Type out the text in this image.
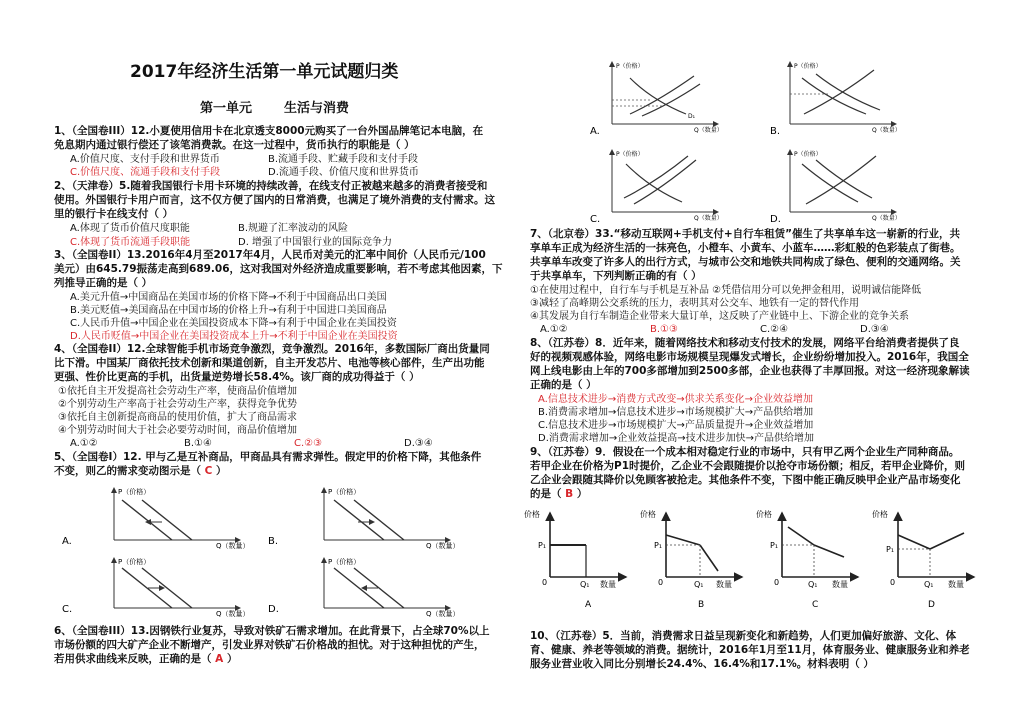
2017年经济生活第一单元试题归类
第一单元 生活与消费
1、（全国卷III）12.小夏使用信用卡在北京透支8000元购买了一台外国品牌笔记本电脑，在
免息期内通过银行偿还了该笔消费款。在这一过程中，货币执行的职能是（ ）
A.价值尺度、支付手段和世界货币	B.流通手段、贮藏手段和支付手段
C.价值尺度、流通手段和支付手段	D.流通手段、价值尺度和世界货币
2、（天津卷）5.随着我国银行卡用卡环境的持续改善，在线支付正被越来越多的消费者接受和
使用。外国银行卡用户而言，这不仅方便了国内的日常消费，也满足了境外消费的支付需求。这
里的银行卡在线支付（ ）
A.体现了货币价值尺度职能	B.规避了汇率波动的风险
C.体现了货币流通手段职能	D. 增强了中国银行业的国际竞争力
3、（全国卷II）13.2016年4月至2017年4月，人民币对美元的汇率中间价（人民币元/100
美元）由645.79振荡走高到689.06，这对我国对外经济造成重要影响，若不考虑其他因素，下
列推导正确的是（ ）
A.美元升值→中国商品在美国市场的价格下降→不利于中国商品出口美国
B.美元贬值→美国商品在中国市场的价格上升→有利于中国进口美国商品
C.人民币升值→中国企业在美国投资成本下降→有利于中国企业在美国投资
D.人民币贬值→中国企业在美国投资成本上升→不利于中国企业在美国投资
4、（全国卷II）12.全球智能手机市场竞争激烈，竞争激烈。2016年，多数国际厂商出货量同
比下滑。中国某厂商依托技术创新和渠道创新，自主开发芯片、电池等核心部件，生产出功能
更强、性价比更高的手机，出货量逆势增长58.4%。该厂商的成功得益于（ ）
①依托自主开发提高社会劳动生产率，使商品价值增加
②个别劳动生产率高于社会劳动生产率，获得竞争优势
③依托自主创新提高商品的使用价值，扩大了商品需求
④个别劳动时间大于社会必要劳动时间，商品价值增加
A.①②	B.①④	C.②③	D.③④
5、（全国卷I）12. 甲与乙是互补商品，甲商品具有需求弹性。假定甲的价格下降，其他条件
不变，则乙的需求变动图示是（ C ）
P（价格）
Q（数量）
A.
P（价格）
Q（数量）
B.
P（价格）
Q（数量）
C.
P（价格）
Q（数量）
D.
6、（全国卷III）13.因钢铁行业复苏，导致对铁矿石需求增加。在此背景下，占全球70%以上
市场份额的四大矿产企业不断增产，引发业界对铁矿石价格战的担忧。对于这种担忧的产生，
若用供求曲线来反映，正确的是（ A ）
P（价格）
Q（数量）
D₁
A.
P（价格）
Q（数量）
B.
P（价格）
Q（数量）
C.
P（价格）
Q（数量）
D.
7、（北京卷）33.“移动互联网+手机支付+自行车租赁”催生了共享单车这一崭新的行业，共
享单车正成为经济生活的一抹亮色，小橙车、小黄车、小蓝车……彩虹般的色彩装点了街巷。
共享单车改变了许多人的出行方式，与城市公交和地铁共同构成了绿色、便利的交通网络。关
于共享单车，下列判断正确的有（ ）
①在使用过程中，自行车与手机是互补品 ②凭借信用分可以免押金租用，说明诚信能降低
③减轻了高峰期公交系统的压力，表明其对公交车、地铁有一定的替代作用
④其发展为自行车制造企业带来大量订单，这反映了产业链中上、下游企业的竞争关系
A.①②	B.①③	C.②④	D.③④
8、（江苏卷）8．近年来，随着网络技术和移动支付技术的发展，网络平台给消费者提供了良
好的视频观感体验，网络电影市场规模呈现爆发式增长，企业纷纷增加投入。2016年，我国全
网上线电影由上年的700多部增加到2500多部，企业也获得了丰厚回报。对这一经济现象解读
正确的是（ ）
A.信息技术进步→消费方式改变→供求关系变化→企业效益增加
B.消费需求增加→信息技术进步→市场规模扩大→产品供给增加
C.信息技术进步→市场规模扩大→产品质量提升→企业效益增加
D.消费需求增加→企业效益提高→技术进步加快→产品供给增加
9、（江苏卷）9．假设在一个成本相对稳定行业的市场中，只有甲乙两个企业生产同种商品。
若甲企业在价格为P1时提价，乙企业不会跟随提价以抢夺市场份额；相反，若甲企业降价，则
乙企业会跟随其降价以免顾客被抢走。其他条件不变，下图中能正确反映甲企业产品市场变化
的是（ B ）
价格
P₁
0	Q₁ 数量
A
价格
P₁
0	Q₁ 数量
B
价格
P₁
0	Q₁ 数量
C
价格
P₁
0	Q₁ 数量
D
10、（江苏卷）5．当前，消费需求日益呈现新变化和新趋势，人们更加偏好旅游、文化、体
育、健康、养老等领域的消费。据统计，2016年1月至11月，体育服务业、健康服务业和养老
服务业营业收入同比分别增长24.4%、16.4%和17.1%。材料表明（ ）
